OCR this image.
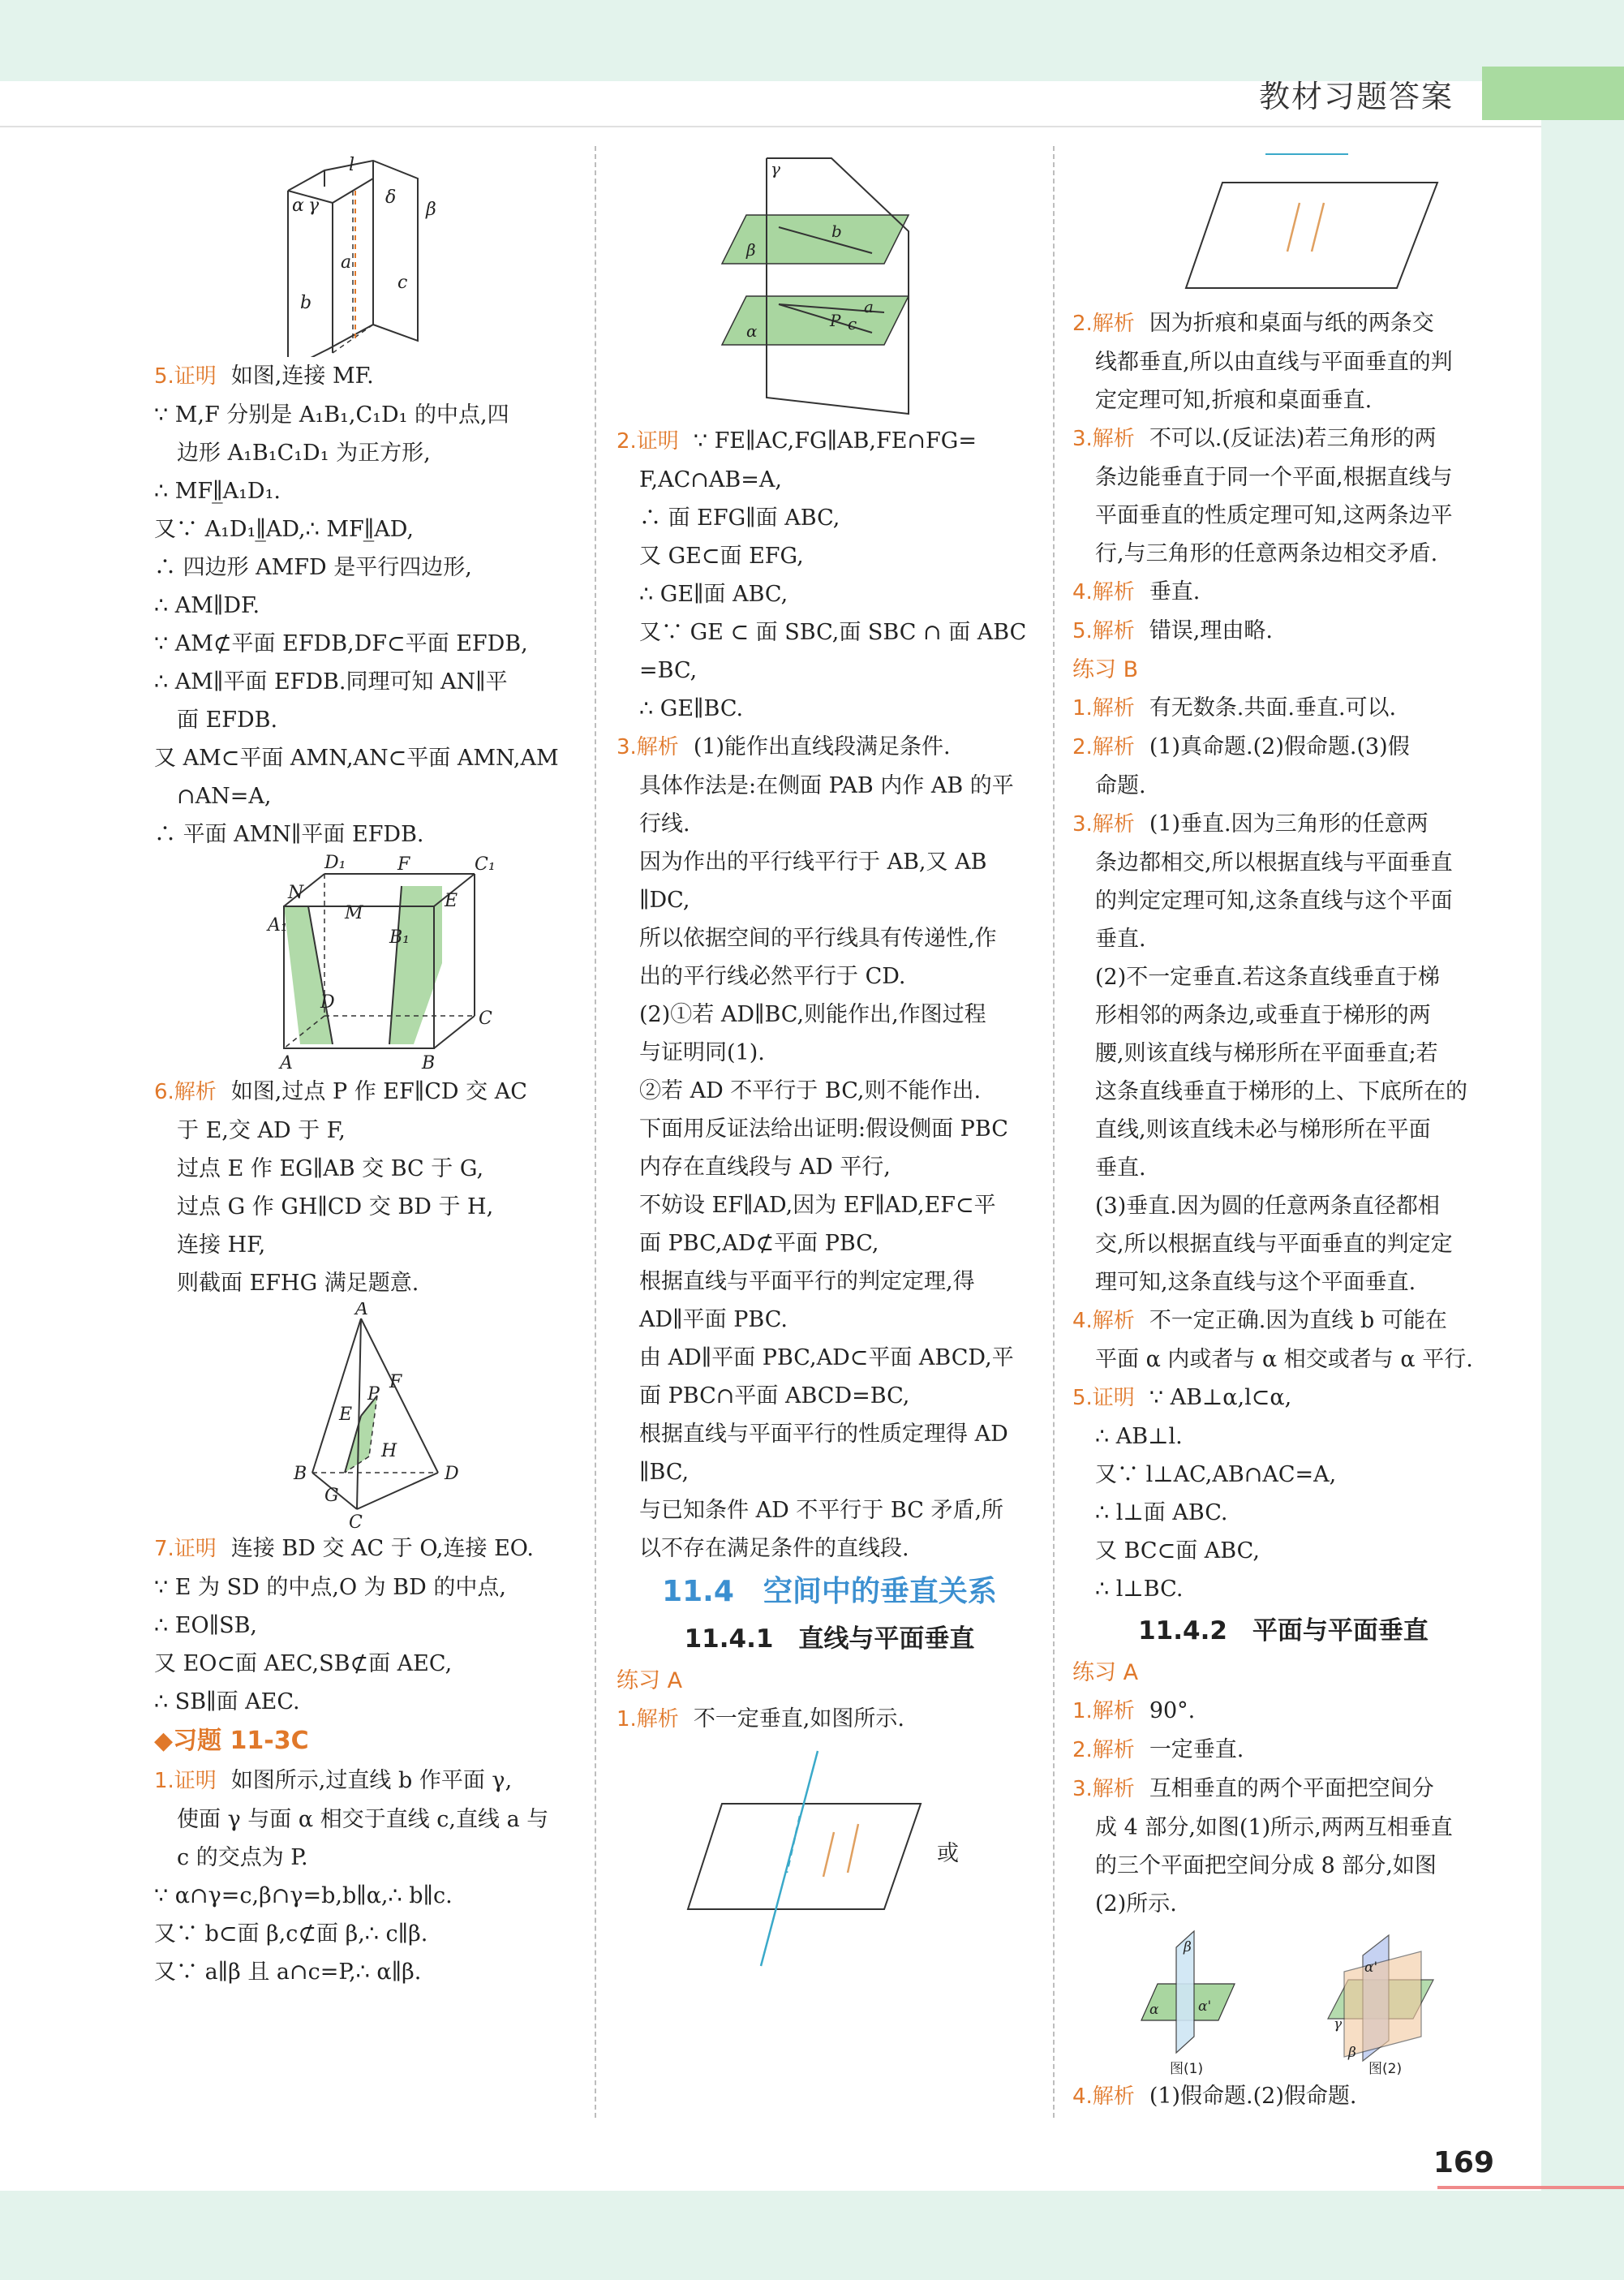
教材习题答案
l
α γ	δ
β
a
b
c
5.证明 如图,连接 MF.
∵ M,F 分别是 A₁B₁,C₁D₁ 的中点,四
边形 A₁B₁C₁D₁ 为正方形,
∴ MF∥̲A₁D₁.
又∵ A₁D₁∥̲AD,∴ MF∥̲AD,
∴ 四边形 AMFD 是平行四边形,
∴ AM∥DF.
∵ AM⊄平面 EFDB,DF⊂平面 EFDB,
∴ AM∥平面 EFDB.同理可知 AN∥平
面 EFDB.
又 AM⊂平面 AMN,AN⊂平面 AMN,AM
∩AN=A,
∴ 平面 AMN∥平面 EFDB.
D₁	F	C₁
N
M
E
A₁
B₁
D
C
A	B
6.解析 如图,过点 P 作 EF∥CD 交 AC
于 E,交 AD 于 F,
过点 E 作 EG∥AB 交 BC 于 G,
过点 G 作 GH∥CD 交 BD 于 H,
连接 HF,
则截面 EFHG 满足题意.
A
P
F
E
H
B	D
G
C
7.证明 连接 BD 交 AC 于 O,连接 EO.
∵ E 为 SD 的中点,O 为 BD 的中点,
∴ EO∥SB,
又 EO⊂面 AEC,SB⊄面 AEC,
∴ SB∥面 AEC.
◆习题 11-3C
1.证明 如图所示,过直线 b 作平面 γ,
使面 γ 与面 α 相交于直线 c,直线 a 与
c 的交点为 P.
∵ α∩γ=c,β∩γ=b,b∥α,∴ b∥c.
又∵ b⊂面 β,c⊄面 β,∴ c∥β.
又∵ a∥β 且 a∩c=P,∴ α∥β.
γ
β
b
α
a
P c
2.证明 ∵ FE∥AC,FG∥AB,FE∩FG=
F,AC∩AB=A,
∴ 面 EFG∥面 ABC,
又 GE⊂面 EFG,
∴ GE∥面 ABC,
又∵ GE ⊂ 面 SBC,面 SBC ∩ 面 ABC
=BC,
∴ GE∥BC.
3.解析 (1)能作出直线段满足条件.
具体作法是:在侧面 PAB 内作 AB 的平
行线.
因为作出的平行线平行于 AB,又 AB
∥DC,
所以依据空间的平行线具有传递性,作
出的平行线必然平行于 CD.
(2)①若 AD∥BC,则能作出,作图过程
与证明同(1).
②若 AD 不平行于 BC,则不能作出.
下面用反证法给出证明:假设侧面 PBC
内存在直线段与 AD 平行,
不妨设 EF∥AD,因为 EF∥AD,EF⊂平
面 PBC,AD⊄平面 PBC,
根据直线与平面平行的判定定理,得
AD∥平面 PBC.
由 AD∥平面 PBC,AD⊂平面 ABCD,平
面 PBC∩平面 ABCD=BC,
根据直线与平面平行的性质定理得 AD
∥BC,
与已知条件 AD 不平行于 BC 矛盾,所
以不存在满足条件的直线段.
11.4　空间中的垂直关系
11.4.1　直线与平面垂直
练习 A
1.解析 不一定垂直,如图所示.
或
2.解析 因为折痕和桌面与纸的两条交
线都垂直,所以由直线与平面垂直的判
定定理可知,折痕和桌面垂直.
3.解析 不可以.(反证法)若三角形的两
条边能垂直于同一个平面,根据直线与
平面垂直的性质定理可知,这两条边平
行,与三角形的任意两条边相交矛盾.
4.解析 垂直.
5.解析 错误,理由略.
练习 B
1.解析 有无数条.共面.垂直.可以.
2.解析 (1)真命题.(2)假命题.(3)假
命题.
3.解析 (1)垂直.因为三角形的任意两
条边都相交,所以根据直线与平面垂直
的判定定理可知,这条直线与这个平面
垂直.
(2)不一定垂直.若这条直线垂直于梯
形相邻的两条边,或垂直于梯形的两
腰,则该直线与梯形所在平面垂直;若
这条直线垂直于梯形的上、下底所在的
直线,则该直线未必与梯形所在平面
垂直.
(3)垂直.因为圆的任意两条直径都相
交,所以根据直线与平面垂直的判定定
理可知,这条直线与这个平面垂直.
4.解析 不一定正确.因为直线 b 可能在
平面 α 内或者与 α 相交或者与 α 平行.
5.证明 ∵ AB⊥α,l⊂α,
∴ AB⊥l.
又∵ l⊥AC,AB∩AC=A,
∴ l⊥面 ABC.
又 BC⊂面 ABC,
∴ l⊥BC.
11.4.2　平面与平面垂直
练习 A
1.解析 90°.
2.解析 一定垂直.
3.解析 互相垂直的两个平面把空间分
成 4 部分,如图(1)所示,两两互相垂直
的三个平面把空间分成 8 部分,如图
(2)所示.
β
α	α'
α'
γ
β
图(1)	图(2)
4.解析 (1)假命题.(2)假命题.
169
